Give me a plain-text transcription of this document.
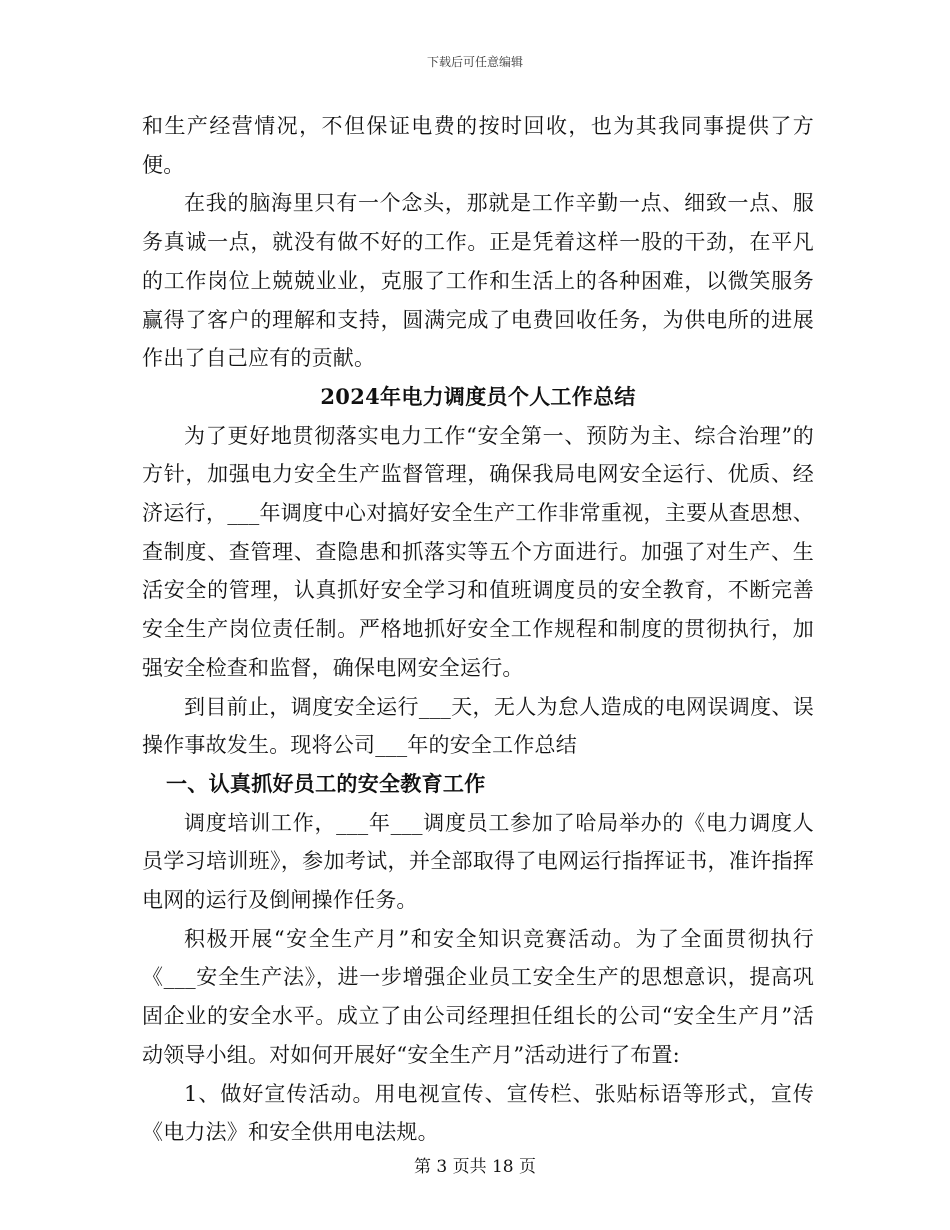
下载后可任意编辑

和生产经营情况，不但保证电费的按时回收，也为其我同事提供了方便。

在我的脑海里只有一个念头，那就是工作辛勤一点、细致一点、服务真诚一点，就没有做不好的工作。正是凭着这样一股的干劲，在平凡的工作岗位上兢兢业业，克服了工作和生活上的各种困难，以微笑服务赢得了客户的理解和支持，圆满完成了电费回收任务，为供电所的进展作出了自己应有的贡献。

2024年电力调度员个人工作总结

为了更好地贯彻落实电力工作“安全第一、预防为主、综合治理”的方针，加强电力安全生产监督管理，确保我局电网安全运行、优质、经济运行，___年调度中心对搞好安全生产工作非常重视，主要从查思想、查制度、查管理、查隐患和抓落实等五个方面进行。加强了对生产、生活安全的管理，认真抓好安全学习和值班调度员的安全教育，不断完善安全生产岗位责任制。严格地抓好安全工作规程和制度的贯彻执行，加强安全检查和监督，确保电网安全运行。

到目前止，调度安全运行___天，无人为怠人造成的电网误调度、误操作事故发生。现将公司___年的安全工作总结

一、认真抓好员工的安全教育工作

调度培训工作，___年___调度员工参加了哈局举办的《电力调度人员学习培训班》，参加考试，并全部取得了电网运行指挥证书，准许指挥电网的运行及倒闸操作任务。

积极开展“安全生产月”和安全知识竞赛活动。为了全面贯彻执行《___安全生产法》，进一步增强企业员工安全生产的思想意识，提高巩固企业的安全水平。成立了由公司经理担任组长的公司“安全生产月”活动领导小组。对如何开展好“安全生产月”活动进行了布置:

1、做好宣传活动。用电视宣传、宣传栏、张贴标语等形式，宣传《电力法》和安全供用电法规。

第 3 页共 18 页
